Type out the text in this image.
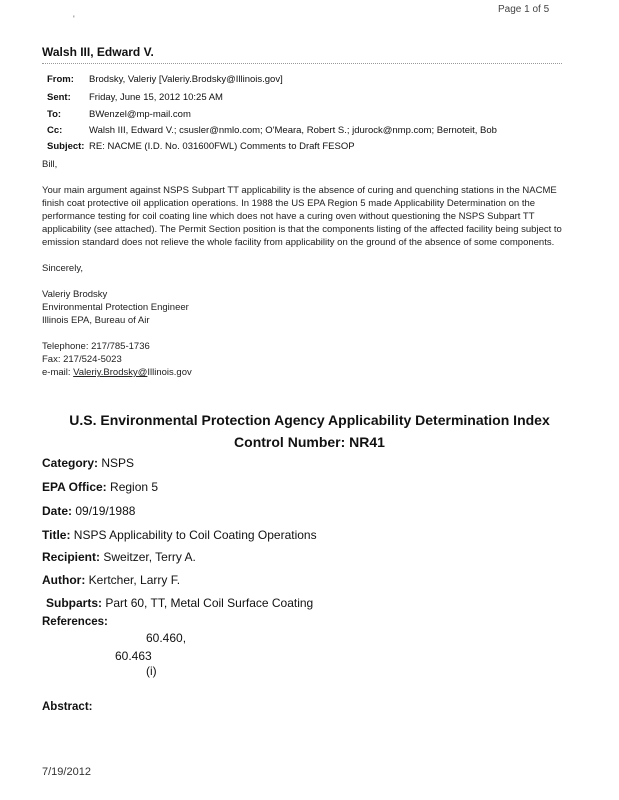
Page 1 of 5
'
Walsh III, Edward V.
From: Brodsky, Valeriy [Valeriy.Brodsky@Illinois.gov]
Sent: Friday, June 15, 2012 10:25 AM
To:	BWenzel@mp-mail.com
Cc:	Walsh III, Edward V.; csusler@nmlo.com; O'Meara, Robert S.; jdurock@nmp.com; Bernoteit, Bob
Subject: RE: NACME (I.D. No. 031600FWL) Comments to Draft FESOP

Bill,

Your main argument against NSPS Subpart TT applicability is the absence of curing and quenching stations in the NACME finish coat protective oil application operations. In 1988 the US EPA Region 5 made Applicability Determination on the performance testing for coil coating line which does not have a curing oven without questioning the NSPS Subpart TT applicability (see attached). The Permit Section position is that the components listing of the affected facility being subject to emission standard does not relieve the whole facility from applicability on the ground of the absence of some components.

Sincerely,

Valeriy Brodsky
Environmental Protection Engineer
Illinois EPA, Bureau of Air

Telephone: 217/785-1736
Fax: 217/524-5023
e-mail: Valeriy.Brodsky@Illinois.gov

U.S. Environmental Protection Agency Applicability Determination Index
Control Number: NR41
Category: NSPS
EPA Office: Region 5
Date: 09/19/1988
Title: NSPS Applicability to Coil Coating Operations
Recipient: Sweitzer, Terry A.
Author: Kertcher, Larry F.
Subparts: Part 60, TT, Metal Coil Surface Coating
References:
60.460,
60.463
(i)
Abstract:
7/19/2012
